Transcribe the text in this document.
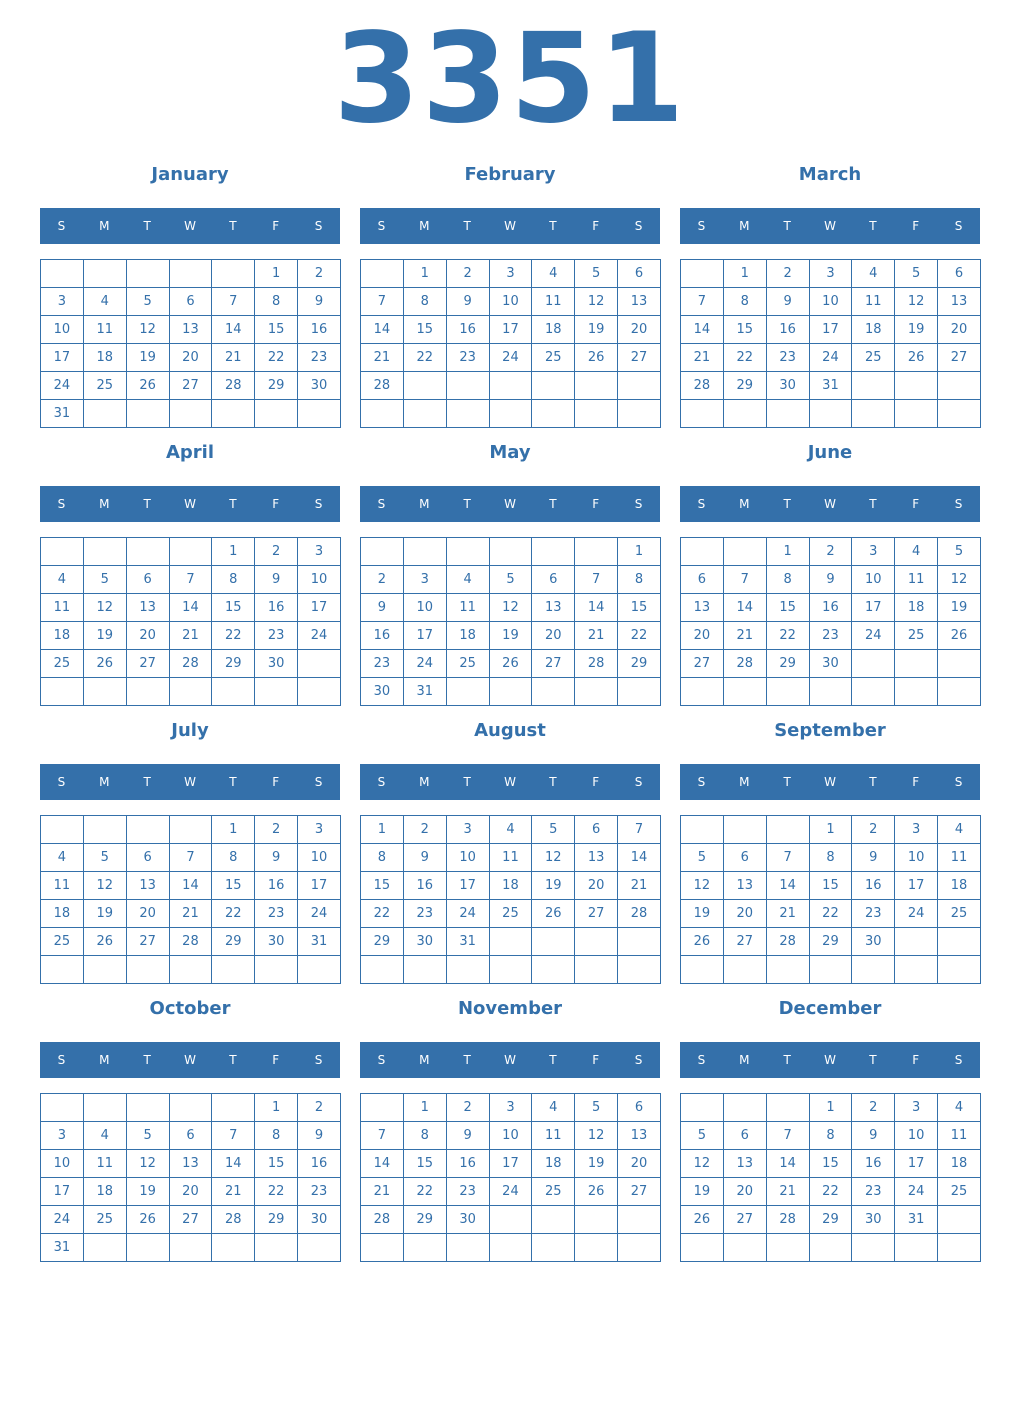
3351
January
S	M	T	W	T	F	S
					1	2
3	4	5	6	7	8	9
10	11	12	13	14	15	16
17	18	19	20	21	22	23
24	25	26	27	28	29	30
31						
February
S	M	T	W	T	F	S
	1	2	3	4	5	6
7	8	9	10	11	12	13
14	15	16	17	18	19	20
21	22	23	24	25	26	27
28						

March
S	M	T	W	T	F	S
	1	2	3	4	5	6
7	8	9	10	11	12	13
14	15	16	17	18	19	20
21	22	23	24	25	26	27
28	29	30	31			

April
S	M	T	W	T	F	S
				1	2	3
4	5	6	7	8	9	10
11	12	13	14	15	16	17
18	19	20	21	22	23	24
25	26	27	28	29	30	

May
S	M	T	W	T	F	S
						1
2	3	4	5	6	7	8
9	10	11	12	13	14	15
16	17	18	19	20	21	22
23	24	25	26	27	28	29
30	31					
June
S	M	T	W	T	F	S
		1	2	3	4	5
6	7	8	9	10	11	12
13	14	15	16	17	18	19
20	21	22	23	24	25	26
27	28	29	30			

July
S	M	T	W	T	F	S
				1	2	3
4	5	6	7	8	9	10
11	12	13	14	15	16	17
18	19	20	21	22	23	24
25	26	27	28	29	30	31

August
S	M	T	W	T	F	S
1	2	3	4	5	6	7
8	9	10	11	12	13	14
15	16	17	18	19	20	21
22	23	24	25	26	27	28
29	30	31				

September
S	M	T	W	T	F	S
			1	2	3	4
5	6	7	8	9	10	11
12	13	14	15	16	17	18
19	20	21	22	23	24	25
26	27	28	29	30		

October
S	M	T	W	T	F	S
					1	2
3	4	5	6	7	8	9
10	11	12	13	14	15	16
17	18	19	20	21	22	23
24	25	26	27	28	29	30
31						
November
S	M	T	W	T	F	S
	1	2	3	4	5	6
7	8	9	10	11	12	13
14	15	16	17	18	19	20
21	22	23	24	25	26	27
28	29	30				

December
S	M	T	W	T	F	S
			1	2	3	4
5	6	7	8	9	10	11
12	13	14	15	16	17	18
19	20	21	22	23	24	25
26	27	28	29	30	31	
